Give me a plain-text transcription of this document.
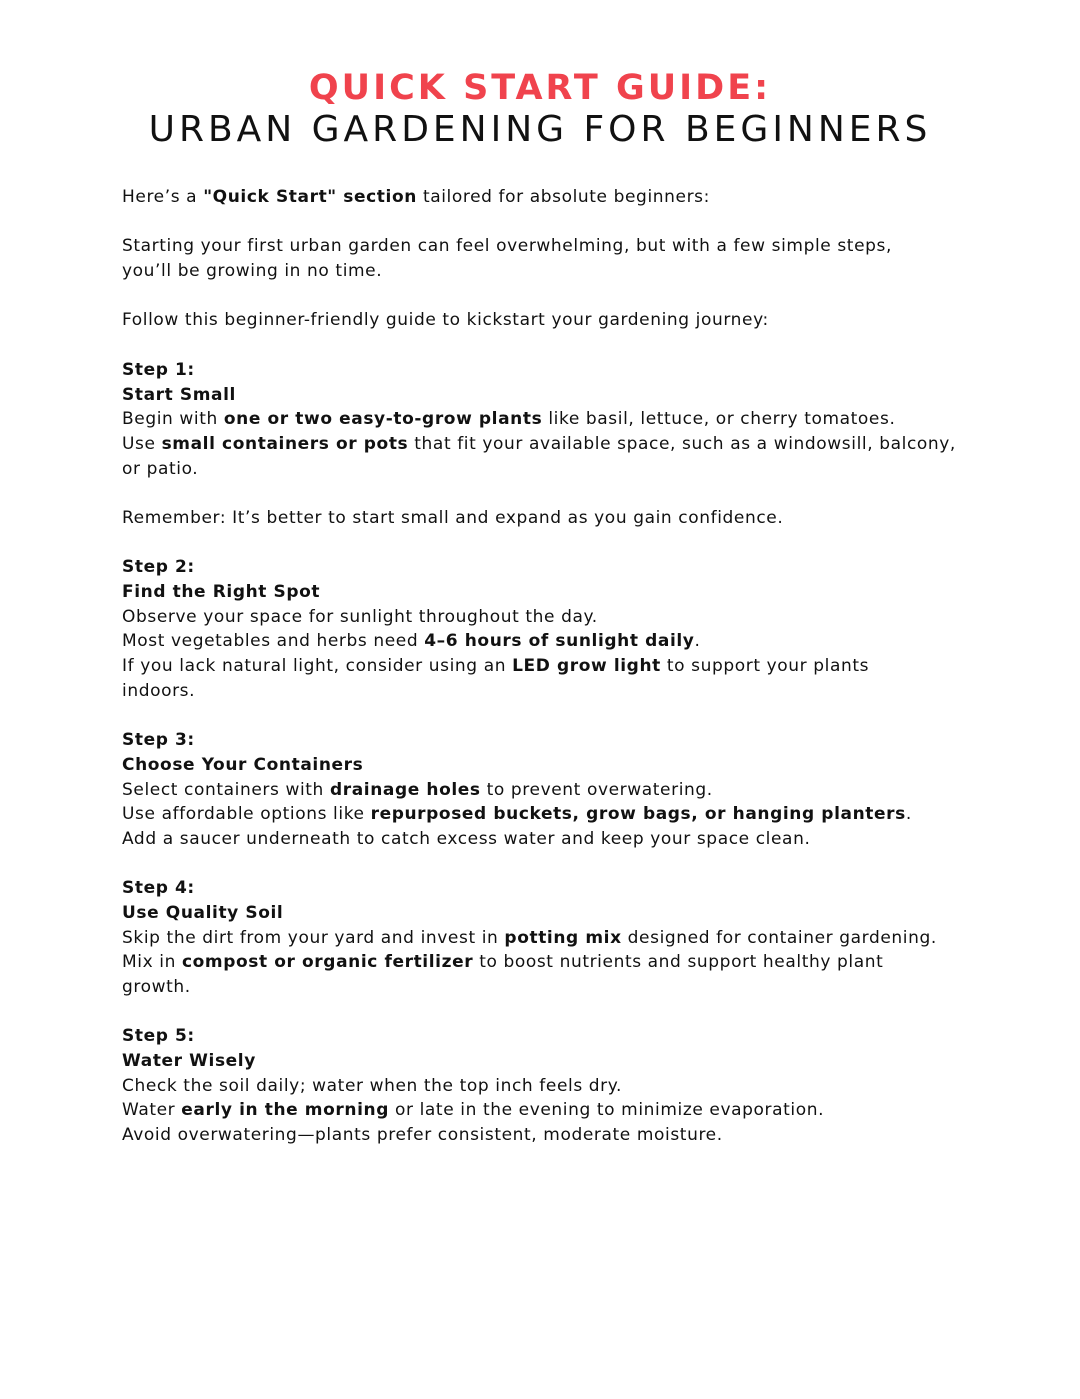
QUICK START GUIDE:
URBAN GARDENING FOR BEGINNERS
Here’s a "Quick Start" section tailored for absolute beginners:
Starting your first urban garden can feel overwhelming, but with a few simple steps,
you’ll be growing in no time.
Follow this beginner-friendly guide to kickstart your gardening journey:
Step 1:
Start Small
Begin with one or two easy-to-grow plants like basil, lettuce, or cherry tomatoes.
Use small containers or pots that fit your available space, such as a windowsill, balcony,
or patio.
Remember: It’s better to start small and expand as you gain confidence.
Step 2:
Find the Right Spot
Observe your space for sunlight throughout the day.
Most vegetables and herbs need 4–6 hours of sunlight daily.
If you lack natural light, consider using an LED grow light to support your plants
indoors.
Step 3:
Choose Your Containers
Select containers with drainage holes to prevent overwatering.
Use affordable options like repurposed buckets, grow bags, or hanging planters.
Add a saucer underneath to catch excess water and keep your space clean.
Step 4:
Use Quality Soil
Skip the dirt from your yard and invest in potting mix designed for container gardening.
Mix in compost or organic fertilizer to boost nutrients and support healthy plant
growth.
Step 5:
Water Wisely
Check the soil daily; water when the top inch feels dry.
Water early in the morning or late in the evening to minimize evaporation.
Avoid overwatering—plants prefer consistent, moderate moisture.
